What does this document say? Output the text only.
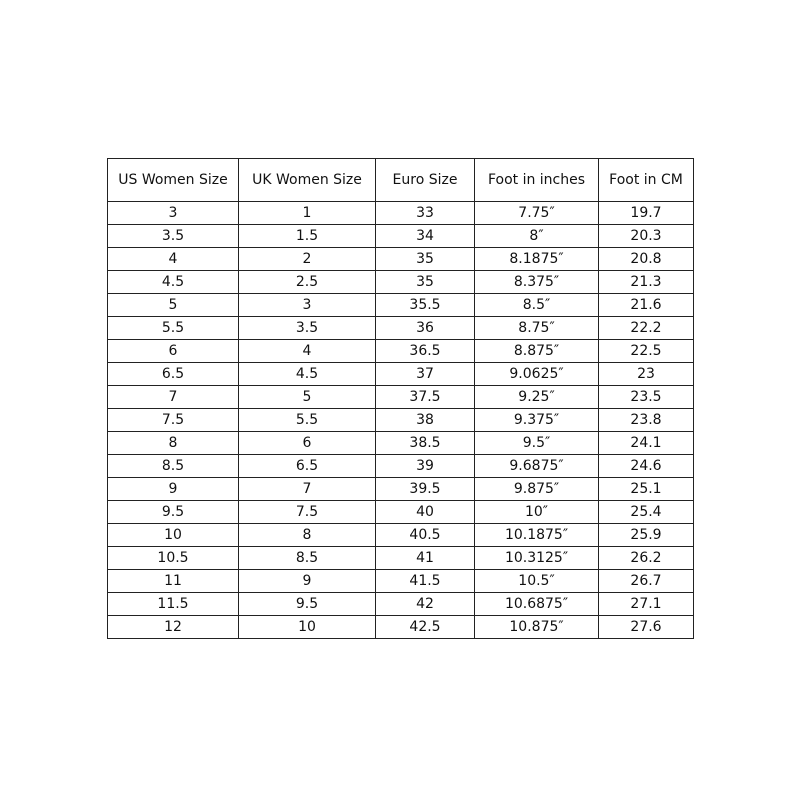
US Women Size	UK Women Size	Euro Size	Foot in inches	Foot in CM
3	1	33	7.75″	19.7
3.5	1.5	34	8″	20.3
4	2	35	8.1875″	20.8
4.5	2.5	35	8.375″	21.3
5	3	35.5	8.5″	21.6
5.5	3.5	36	8.75″	22.2
6	4	36.5	8.875″	22.5
6.5	4.5	37	9.0625″	23
7	5	37.5	9.25″	23.5
7.5	5.5	38	9.375″	23.8
8	6	38.5	9.5″	24.1
8.5	6.5	39	9.6875″	24.6
9	7	39.5	9.875″	25.1
9.5	7.5	40	10″	25.4
10	8	40.5	10.1875″	25.9
10.5	8.5	41	10.3125″	26.2
11	9	41.5	10.5″	26.7
11.5	9.5	42	10.6875″	27.1
12	10	42.5	10.875″	27.6
